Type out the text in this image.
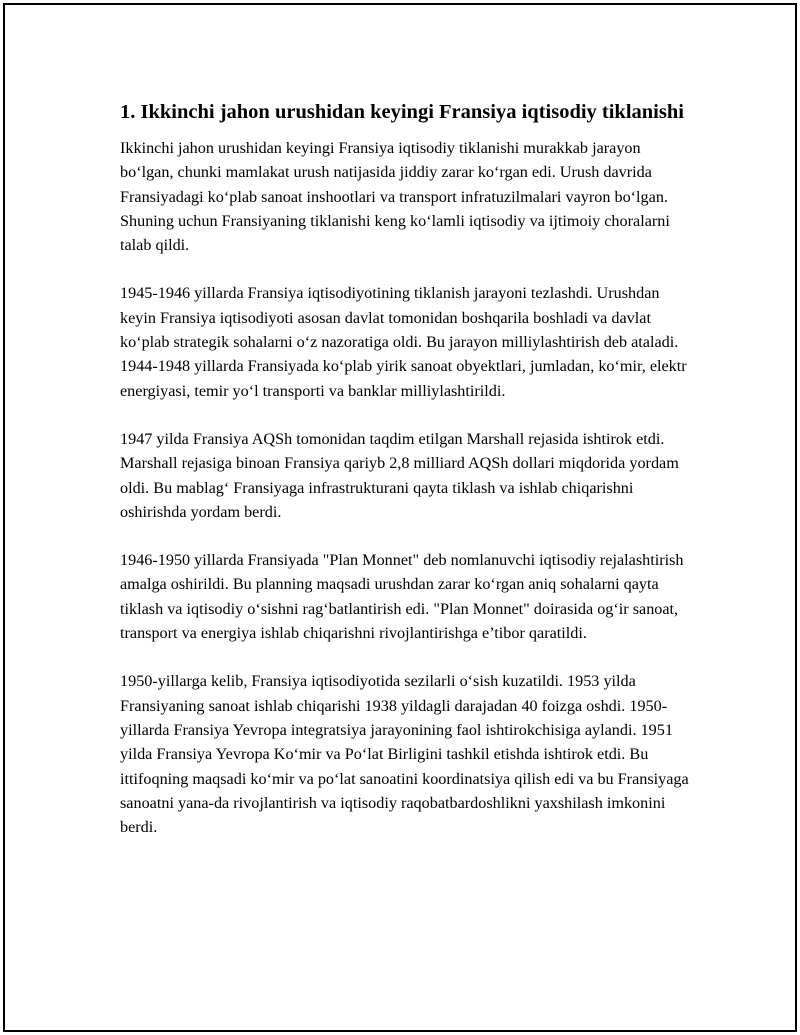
1. Ikkinchi jahon urushidan keyingi Fransiya iqtisodiy tiklanishi

Ikkinchi jahon urushidan keyingi Fransiya iqtisodiy tiklanishi murakkab jarayon bo‘lgan, chunki mamlakat urush natijasida jiddiy zarar ko‘rgan edi. Urush davrida Fransiyadagi ko‘plab sanoat inshootlari va transport infratuzilmalari vayron bo‘lgan. Shuning uchun Fransiyaning tiklanishi keng ko‘lamli iqtisodiy va ijtimoiy choralarni talab qildi.

1945-1946 yillarda Fransiya iqtisodiyotining tiklanish jarayoni tezlashdi. Urushdan keyin Fransiya iqtisodiyoti asosan davlat tomonidan boshqarila boshladi va davlat ko‘plab strategik sohalarni o‘z nazoratiga oldi. Bu jarayon milliylashtirish deb ataladi. 1944-1948 yillarda Fransiyada ko‘plab yirik sanoat obyektlari, jumladan, ko‘mir, elektr energiyasi, temir yo‘l transporti va banklar milliylashtirildi.

1947 yilda Fransiya AQSh tomonidan taqdim etilgan Marshall rejasida ishtirok etdi. Marshall rejasiga binoan Fransiya qariyb 2,8 milliard AQSh dollari miqdorida yordam oldi. Bu mablag‘ Fransiyaga infrastrukturani qayta tiklash va ishlab chiqarishni oshirishda yordam berdi.

1946-1950 yillarda Fransiyada "Plan Monnet" deb nomlanuvchi iqtisodiy rejalashtirish amalga oshirildi. Bu planning maqsadi urushdan zarar ko‘rgan aniq sohalarni qayta tiklash va iqtisodiy o‘sishni rag‘batlantirish edi. "Plan Monnet" doirasida og‘ir sanoat, transport va energiya ishlab chiqarishni rivojlantirishga e’tibor qaratildi.

1950-yillarga kelib, Fransiya iqtisodiyotida sezilarli o‘sish kuzatildi. 1953 yilda Fransiyaning sanoat ishlab chiqarishi 1938 yildagli darajadan 40 foizga oshdi. 1950-yillarda Fransiya Yevropa integratsiya jarayonining faol ishtirokchisiga aylandi. 1951 yilda Fransiya Yevropa Ko‘mir va Po‘lat Birligini tashkil etishda ishtirok etdi. Bu ittifoqning maqsadi ko‘mir va po‘lat sanoatini koordinatsiya qilish edi va bu Fransiyaga sanoatni yana-da rivojlantirish va iqtisodiy raqobatbardoshlikni yaxshilash imkonini berdi.
